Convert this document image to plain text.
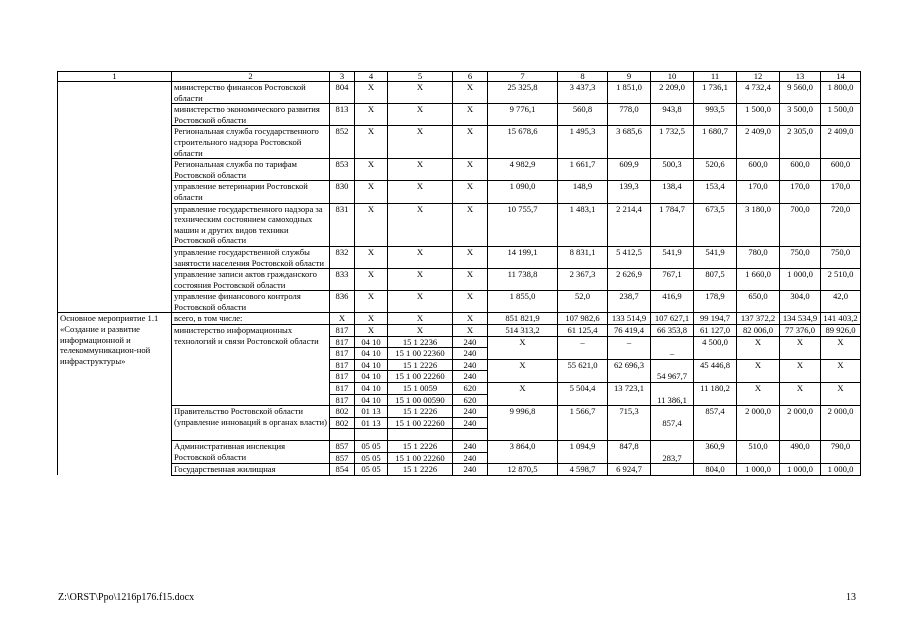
1	2	3	4	5	6	7	8	9	10	11	12	13	14
	министерство финансов Ростовской области	804	X	X	X	25 325,8	3 437,3	1 851,0	2 209,0	1 736,1	4 732,4	9 560,0	1 800,0
	министерство экономического развития Ростовской области	813	X	X	X	9 776,1	560,8	778,0	943,8	993,5	1 500,0	3 500,0	1 500,0
	Региональная служба государственного строительного надзора Ростовской области	852	X	X	X	15 678,6	1 495,3	3 685,6	1 732,5	1 680,7	2 409,0	2 305,0	2 409,0
	Региональная служба по тарифам Ростовской области	853	X	X	X	4 982,9	1 661,7	609,9	500,3	520,6	600,0	600,0	600,0
	управление ветеринарии Ростовской области	830	X	X	X	1 090,0	148,9	139,3	138,4	153,4	170,0	170,0	170,0
	управление государственного надзора за техническим состоянием самоходных машин и других видов техники Ростовской области	831	X	X	X	10 755,7	1 483,1	2 214,4	1 784,7	673,5	3 180,0	700,0	720,0
	управление государственной службы занятости населения Ростовской области	832	X	X	X	14 199,1	8 831,1	5 412,5	541,9	541,9	780,0	750,0	750,0
	управление записи актов гражданского состояния Ростовской области	833	X	X	X	11 738,8	2 367,3	2 626,9	767,1	807,5	1 660,0	1 000,0	2 510,0
	управление финансового контроля Ростовской области	836	X	X	X	1 855,0	52,0	238,7	416,9	178,9	650,0	304,0	42,0
Основное мероприятие 1.1 «Создание и развитие информационной и телекоммуникацион-ной инфраструктуры»	всего, в том числе:	X	X	X	X	851 821,9	107 982,6	133 514,9	107 627,1	99 194,7	137 372,2	134 534,9	141 403,2
	министерство информационных технологий и связи Ростовской области	817	X	X	X	514 313,2	61 125,4	76 419,4	66 353,8	61 127,0	82 006,0	77 376,0	89 926,0
		817	04 10	15 1 2236	240	X	–	–	–	4 500,0	X	X	X
		817	04 10	15 1 00 22360	240								
		817	04 10	15 1 2226	240	X	55 621,0	62 696,3	54 967,7	45 446,8	X	X	X
		817	04 10	15 1 00 22260	240								
		817	04 10	15 1 0059	620	X	5 504,4	13 723,1	11 386,1	11 180,2	X	X	X
		817	04 10	15 1 00 00590	620								
	Правительство Ростовской области (управление инноваций в органах власти)	802	01 13	15 1 2226	240	9 996,8	1 566,7	715,3	857,4	857,4	2 000,0	2 000,0	2 000,0
		802	01 13	15 1 00 22260	240								

	Административная инспекция Ростовской области	857	05 05	15 1 2226	240	3 864,0	1 094,9	847,8	283,7	360,9	510,0	490,0	790,0
		857	05 05	15 1 00 22260	240								
	Государственная жилищная	854	05 05	15 1 2226	240	12 870,5	4 598,7	6 924,7		804,0	1 000,0	1 000,0	1 000,0
Z:\ORST\Ppo\1216p176.f15.docx	13
